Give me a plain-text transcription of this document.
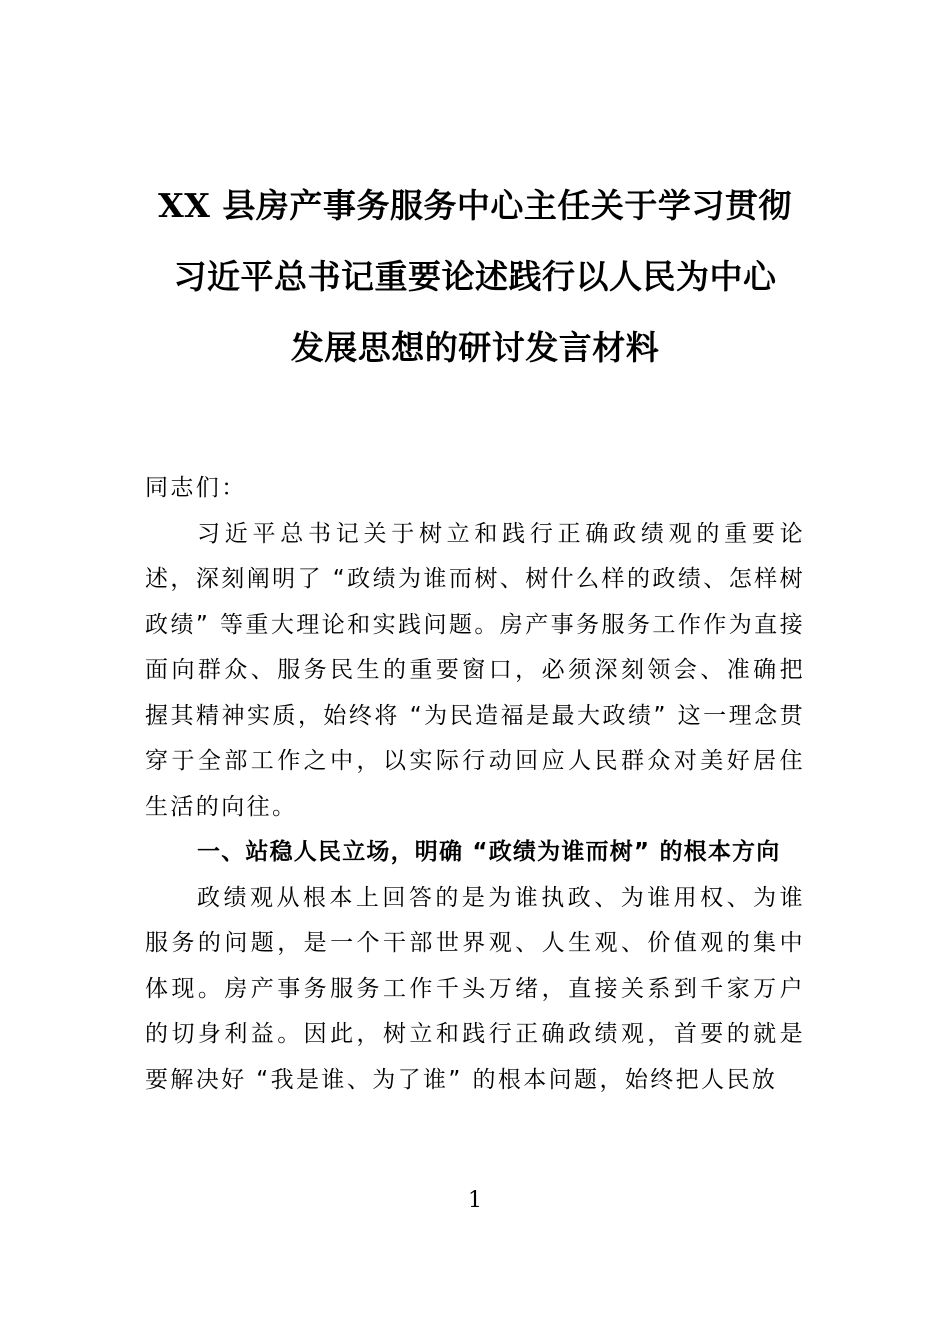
XX 县房产事务服务中心主任关于学习贯彻
习近平总书记重要论述践行以人民为中心
发展思想的研讨发言材料

同志们：

习近平总书记关于树立和践行正确政绩观的重要论述，深刻阐明了 “政绩为谁而树、树什么样的政绩、怎样树政绩” 等重大理论和实践问题。房产事务服务工作作为直接面向群众、服务民生的重要窗口，必须深刻领会、准确把握其精神实质，始终将 “为民造福是最大政绩” 这一理念贯穿于全部工作之中，以实际行动回应人民群众对美好居住生活的向往。

一、站稳人民立场，明确 “政绩为谁而树” 的根本方向

政绩观从根本上回答的是为谁执政、为谁用权、为谁服务的问题，是一个干部世界观、人生观、价值观的集中体现。房产事务服务工作千头万绪，直接关系到千家万户的切身利益。因此，树立和践行正确政绩观，首要的就是要解决好 “我是谁、为了谁” 的根本问题，始终把人民放

1
